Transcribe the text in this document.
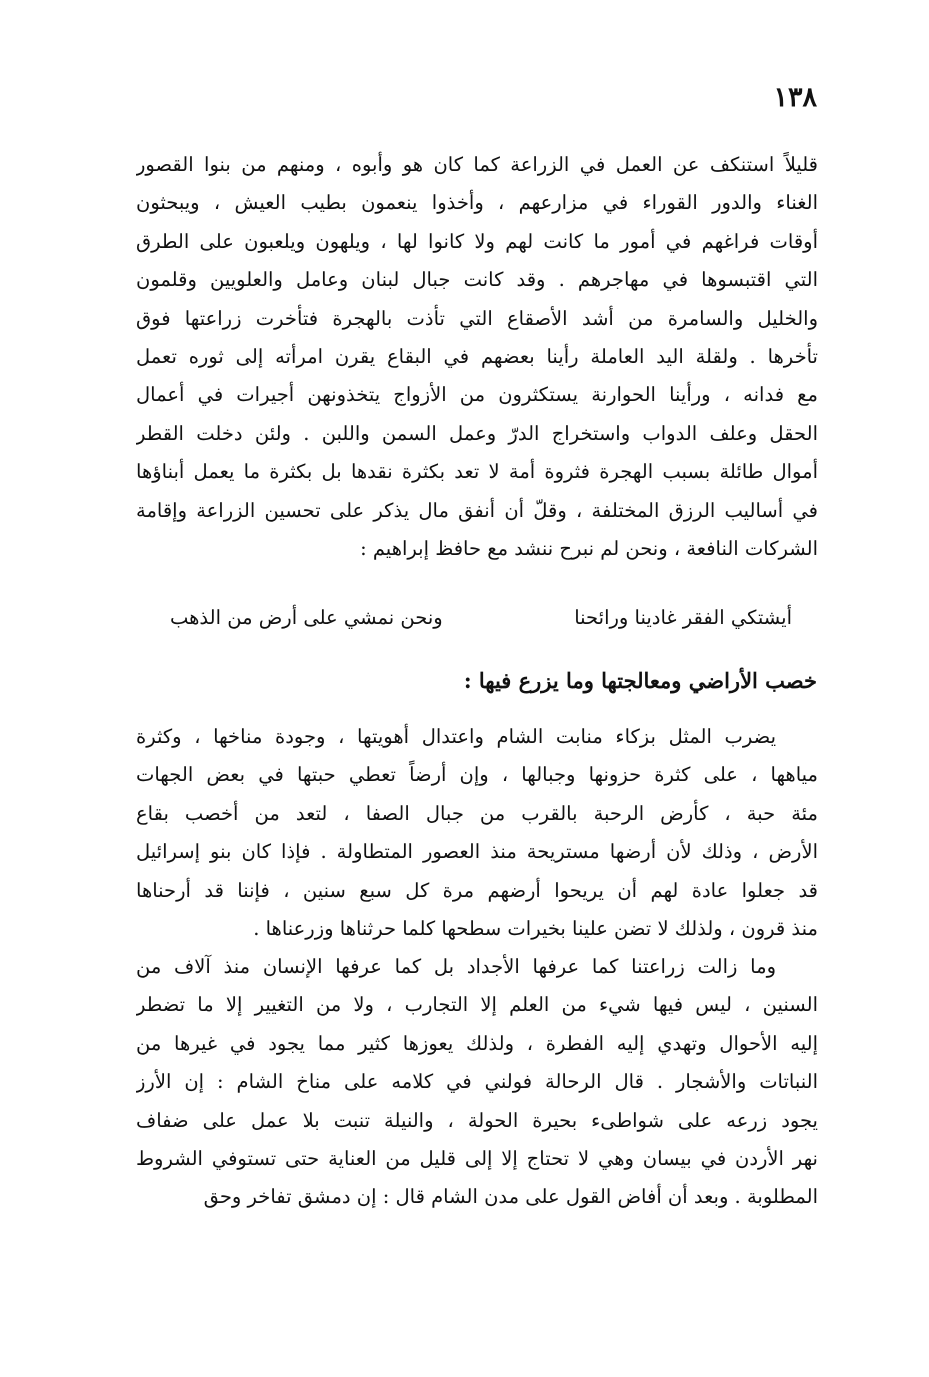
١٣٨
قليلاً استنكف عن العمل في الزراعة كما كان هو وأبوه ، ومنهم من بنوا القصور
الغناء والدور القوراء في مزارعهم ، وأخذوا ينعمون بطيب العيش ، ويبحثون
أوقات فراغهم في أمور ما كانت لهم ولا كانوا لها ، ويلهون ويلعبون على الطرق
التي اقتبسوها في مهاجرهم . وقد كانت جبال لبنان وعامل والعلويين وقلمون
والخليل والسامرة من أشد الأصقاع التي تأذت بالهجرة فتأخرت زراعتها فوق
تأخرها . ولقلة اليد العاملة رأينا بعضهم في البقاع يقرن امرأته إلى ثوره تعمل
مع فدانه ، ورأينا الحوارنة يستكثرون من الأزواج يتخذونهن أجيرات في أعمال
الحقل وعلف الدواب واستخراج الدرّ وعمل السمن واللبن . ولئن دخلت القطر
أموال طائلة بسبب الهجرة فثروة أمة لا تعد بكثرة نقدها بل بكثرة ما يعمل أبناؤها
في أساليب الرزق المختلفة ، وقلّ أن أنفق مال يذكر على تحسين الزراعة وإقامة
الشركات النافعة ، ونحن لم نبرح ننشد مع حافظ إبراهيم :
أيشتكي الفقر غادينا ورائحنا
ونحن نمشي على أرض من الذهب
خصب الأراضي ومعالجتها وما يزرع فيها :
يضرب المثل بزكاء منابت الشام واعتدال أهويتها ، وجودة مناخها ، وكثرة
مياهها ، على كثرة حزونها وجبالها ، وإن أرضاً تعطي حبتها في بعض الجهات
مئة حبة ، كأرض الرحبة بالقرب من جبال الصفا ، لتعد من أخصب بقاع
الأرض ، وذلك لأن أرضها مستريحة منذ العصور المتطاولة . فإذا كان بنو إسرائيل
قد جعلوا عادة لهم أن يريحوا أرضهم مرة كل سبع سنين ، فإننا قد أرحناها
منذ قرون ، ولذلك لا تضن علينا بخيرات سطحها كلما حرثناها وزرعناها .
وما زالت زراعتنا كما عرفها الأجداد بل كما عرفها الإنسان منذ آلاف من
السنين ، ليس فيها شيء من العلم إلا التجارب ، ولا من التغيير إلا ما تضطر
إليه الأحوال وتهدي إليه الفطرة ، ولذلك يعوزها كثير مما يجود في غيرها من
النباتات والأشجار . قال الرحالة فولني في كلامه على مناخ الشام : إن الأرز
يجود زرعه على شواطىء بحيرة الحولة ، والنيلة تنبت بلا عمل على ضفاف
نهر الأردن في بيسان وهي لا تحتاج إلا إلى قليل من العناية حتى تستوفي الشروط
المطلوبة . وبعد أن أفاض القول على مدن الشام قال : إن دمشق تفاخر وحق
